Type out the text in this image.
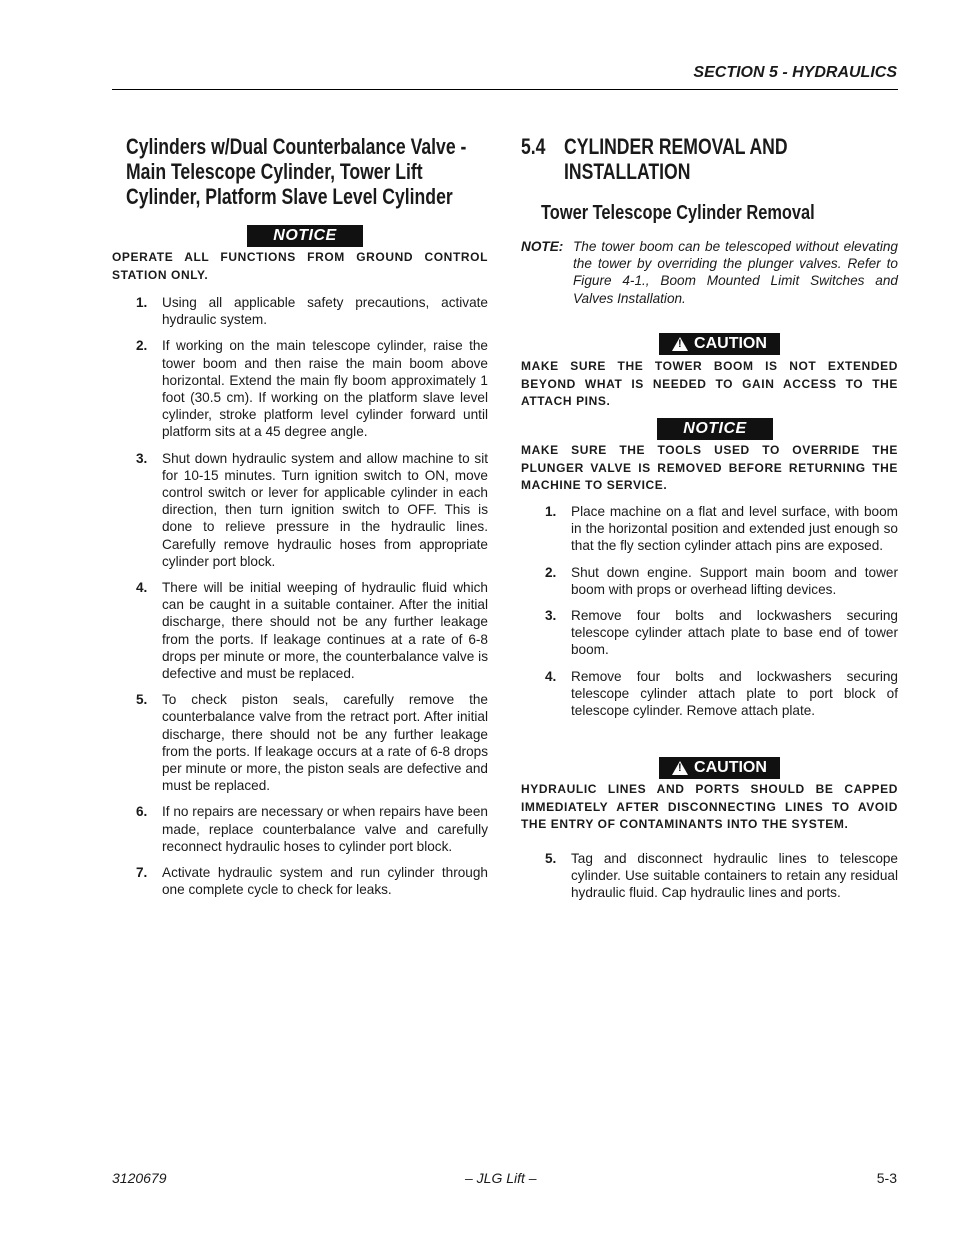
SECTION 5 - HYDRAULICS
Cylinders w/Dual Counterbalance Valve -
Main Telescope Cylinder, Tower Lift
Cylinder, Platform Slave Level Cylinder
NOTICE
OPERATE ALL FUNCTIONS FROM GROUND CONTROL STATION ONLY.
1. Using all applicable safety precautions, activate hydraulic system.
2. If working on the main telescope cylinder, raise the tower boom and then raise the main boom above horizontal. Extend the main fly boom approximately 1 foot (30.5 cm). If working on the platform slave level cylinder, stroke platform level cylinder forward until platform sits at a 45 degree angle.
3. Shut down hydraulic system and allow machine to sit for 10-15 minutes. Turn ignition switch to ON, move control switch or lever for applicable cylinder in each direction, then turn ignition switch to OFF. This is done to relieve pressure in the hydraulic lines. Carefully remove hydraulic hoses from appropriate cylinder port block.
4. There will be initial weeping of hydraulic fluid which can be caught in a suitable container. After the initial discharge, there should not be any further leakage from the ports. If leakage continues at a rate of 6-8 drops per minute or more, the counterbalance valve is defective and must be replaced.
5. To check piston seals, carefully remove the counterbalance valve from the retract port. After initial discharge, there should not be any further leakage from the ports. If leakage occurs at a rate of 6-8 drops per minute or more, the piston seals are defective and must be replaced.
6. If no repairs are necessary or when repairs have been made, replace counterbalance valve and carefully reconnect hydraulic hoses to cylinder port block.
7. Activate hydraulic system and run cylinder through one complete cycle to check for leaks.
5.4 CYLINDER REMOVAL AND
INSTALLATION
Tower Telescope Cylinder Removal
NOTE: The tower boom can be telescoped without elevating the tower by overriding the plunger valves. Refer to Figure 4-1., Boom Mounted Limit Switches and Valves Installation.
! CAUTION
MAKE SURE THE TOWER BOOM IS NOT EXTENDED BEYOND WHAT IS NEEDED TO GAIN ACCESS TO THE ATTACH PINS.
NOTICE
MAKE SURE THE TOOLS USED TO OVERRIDE THE PLUNGER VALVE IS REMOVED BEFORE RETURNING THE MACHINE TO SERVICE.
1. Place machine on a flat and level surface, with boom in the horizontal position and extended just enough so that the fly section cylinder attach pins are exposed.
2. Shut down engine. Support main boom and tower boom with props or overhead lifting devices.
3. Remove four bolts and lockwashers securing telescope cylinder attach plate to base end of tower boom.
4. Remove four bolts and lockwashers securing telescope cylinder attach plate to port block of telescope cylinder. Remove attach plate.
! CAUTION
HYDRAULIC LINES AND PORTS SHOULD BE CAPPED IMMEDIATELY AFTER DISCONNECTING LINES TO AVOID THE ENTRY OF CONTAMINANTS INTO THE SYSTEM.
5. Tag and disconnect hydraulic lines to telescope cylinder. Use suitable containers to retain any residual hydraulic fluid. Cap hydraulic lines and ports.
3120679	– JLG Lift –	5-3
